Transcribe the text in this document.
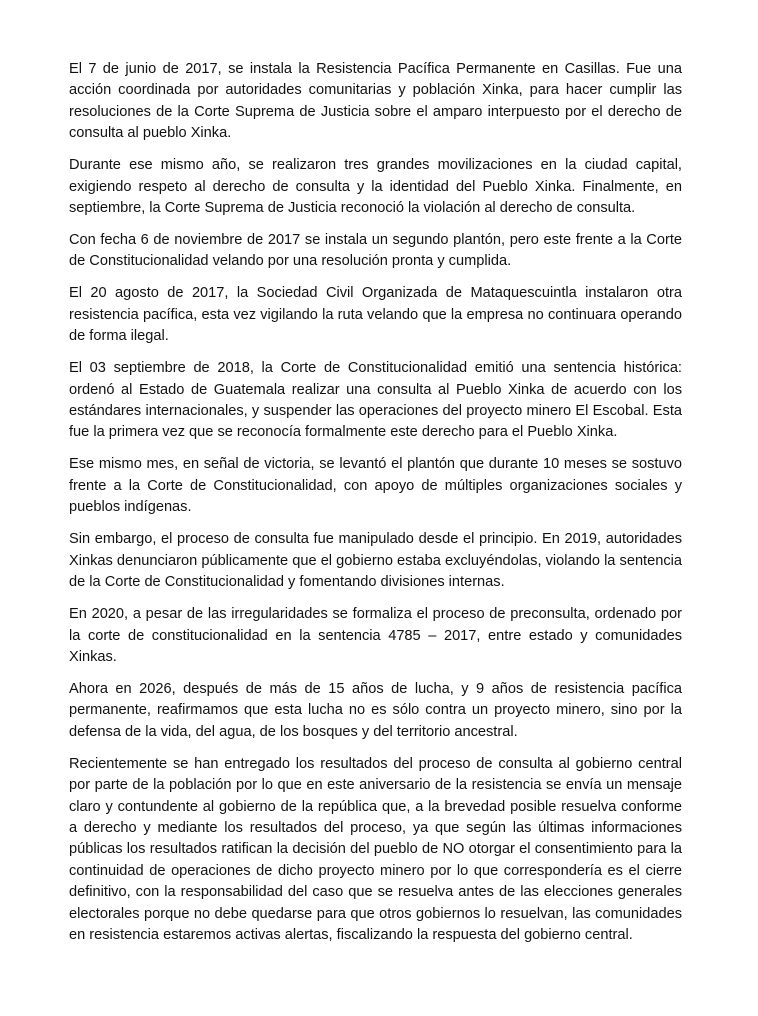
El 7 de junio de 2017, se instala la Resistencia Pacífica Permanente en Casillas. Fue una acción coordinada por autoridades comunitarias y población Xinka, para hacer cumplir las resoluciones de la Corte Suprema de Justicia sobre el amparo interpuesto por el derecho de consulta al pueblo Xinka.

Durante ese mismo año, se realizaron tres grandes movilizaciones en la ciudad capital, exigiendo respeto al derecho de consulta y la identidad del Pueblo Xinka. Finalmente, en septiembre, la Corte Suprema de Justicia reconoció la violación al derecho de consulta.

Con fecha 6 de noviembre de 2017 se instala un segundo plantón, pero este frente a la Corte de Constitucionalidad velando por una resolución pronta y cumplida.

El 20 agosto de 2017, la Sociedad Civil Organizada de Mataquescuintla instalaron otra resistencia pacífica, esta vez vigilando la ruta velando que la empresa no continuara operando de forma ilegal.

El 03 septiembre de 2018, la Corte de Constitucionalidad emitió una sentencia histórica: ordenó al Estado de Guatemala realizar una consulta al Pueblo Xinka de acuerdo con los estándares internacionales, y suspender las operaciones del proyecto minero El Escobal. Esta fue la primera vez que se reconocía formalmente este derecho para el Pueblo Xinka.

Ese mismo mes, en señal de victoria, se levantó el plantón que durante 10 meses se sostuvo frente a la Corte de Constitucionalidad, con apoyo de múltiples organizaciones sociales y pueblos indígenas.

Sin embargo, el proceso de consulta fue manipulado desde el principio. En 2019, autoridades Xinkas denunciaron públicamente que el gobierno estaba excluyéndolas, violando la sentencia de la Corte de Constitucionalidad y fomentando divisiones internas.

En 2020, a pesar de las irregularidades se formaliza el proceso de preconsulta, ordenado por la corte de constitucionalidad en la sentencia 4785 – 2017, entre estado y comunidades Xinkas.

Ahora en 2026, después de más de 15 años de lucha, y 9 años de resistencia pacífica permanente, reafirmamos que esta lucha no es sólo contra un proyecto minero, sino por la defensa de la vida, del agua, de los bosques y del territorio ancestral.

Recientemente se han entregado los resultados del proceso de consulta al gobierno central por parte de la población por lo que en este aniversario de la resistencia se envía un mensaje claro y contundente al gobierno de la república que, a la brevedad posible resuelva conforme a derecho y mediante los resultados del proceso, ya que según las últimas informaciones públicas los resultados ratifican la decisión del pueblo de NO otorgar el consentimiento para la continuidad de operaciones de dicho proyecto minero por lo que correspondería es el cierre definitivo, con la responsabilidad del caso que se resuelva antes de las elecciones generales electorales porque no debe quedarse para que otros gobiernos lo resuelvan, las comunidades en resistencia estaremos activas alertas, fiscalizando la respuesta del gobierno central.
